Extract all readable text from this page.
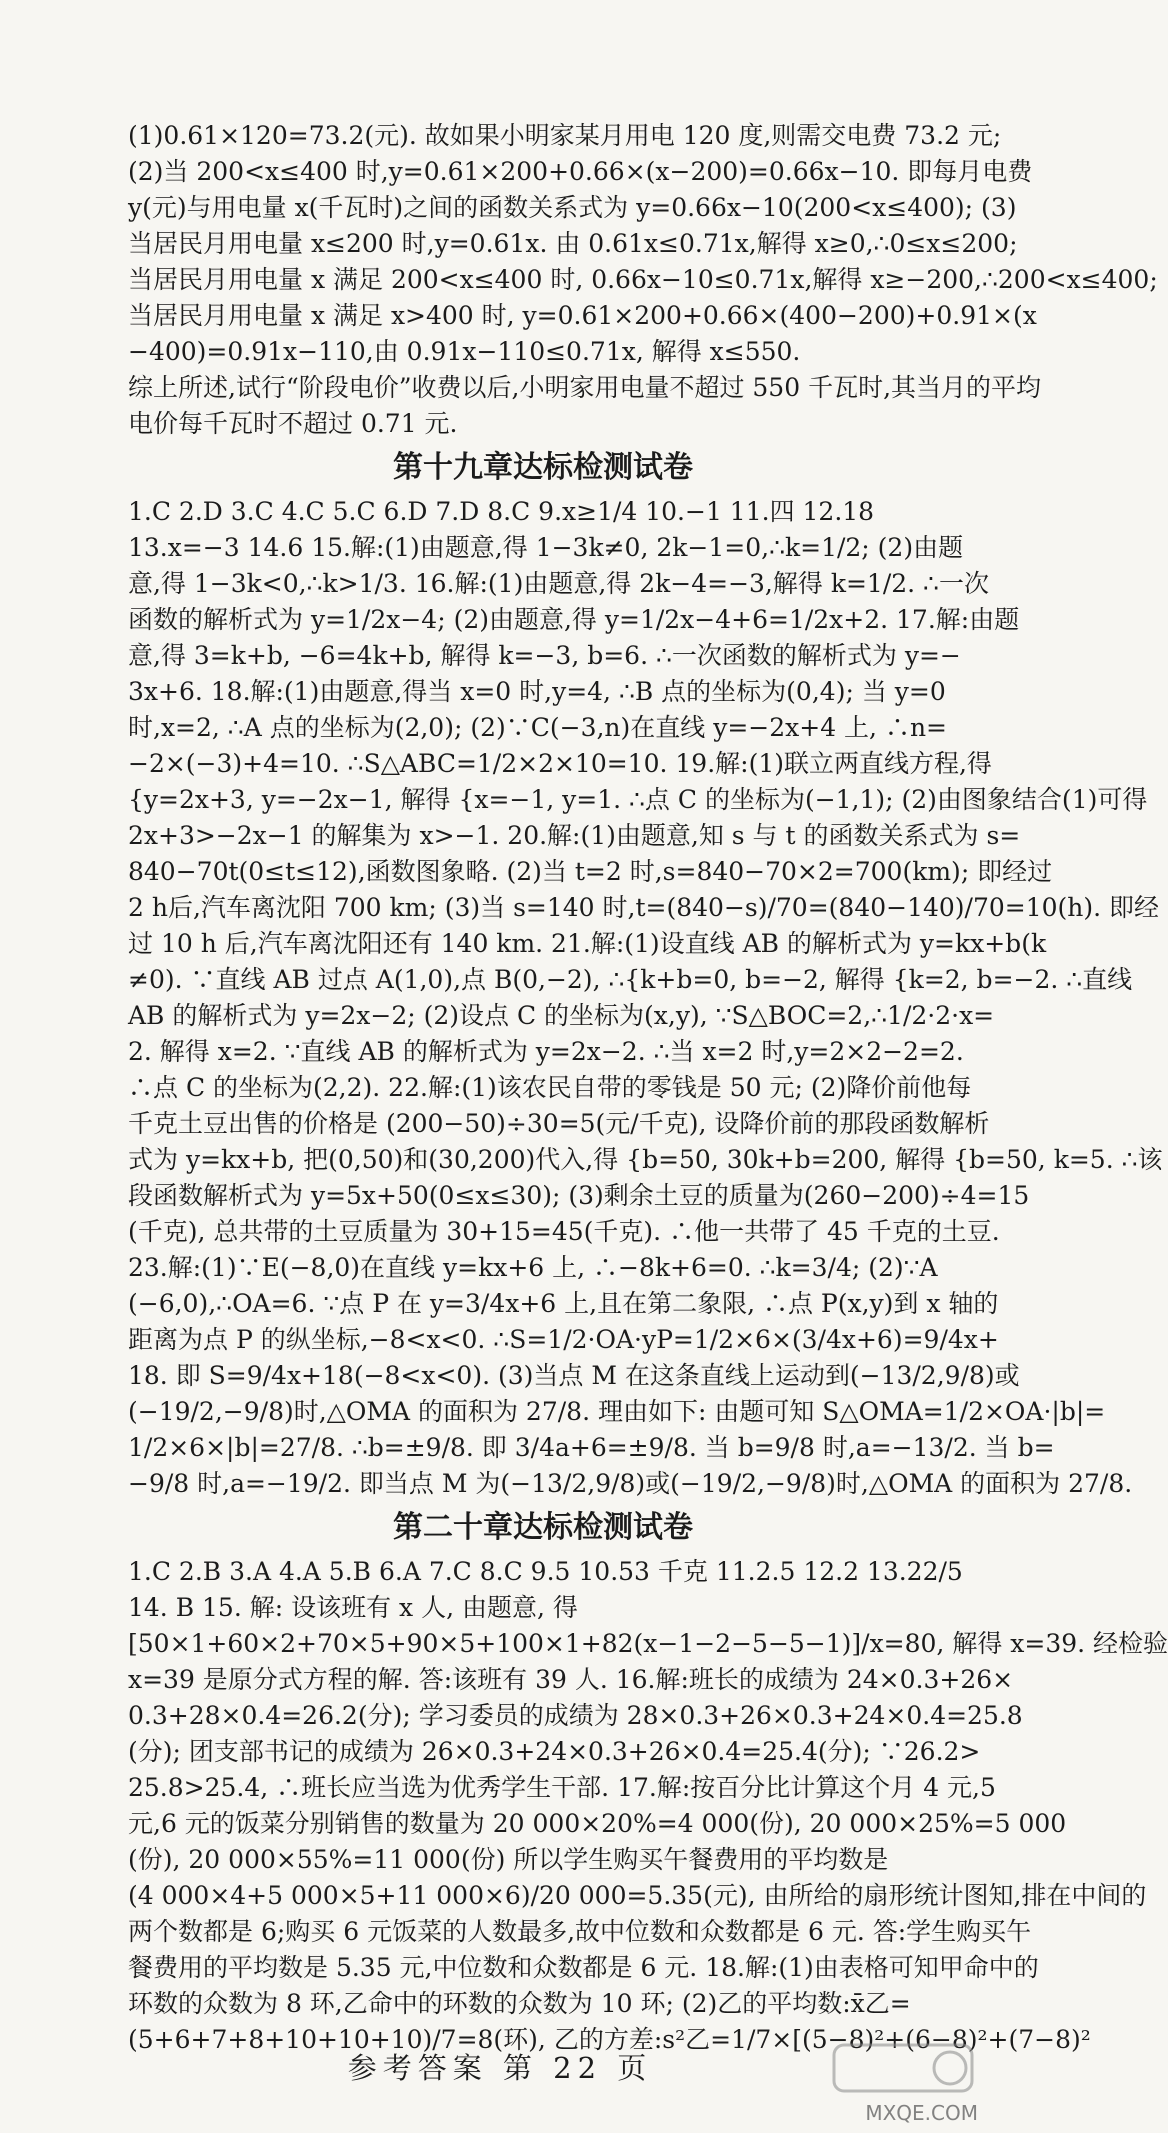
(1)0.61×120=73.2(元). 故如果小明家某月用电 120 度,则需交电费 73.2 元;
(2)当 200<x≤400 时,y=0.61×200+0.66×(x−200)=0.66x−10. 即每月电费
y(元)与用电量 x(千瓦时)之间的函数关系式为 y=0.66x−10(200<x≤400); (3)
当居民月用电量 x≤200 时,y=0.61x. 由 0.61x≤0.71x,解得 x≥0,∴0≤x≤200;
当居民月用电量 x 满足 200<x≤400 时, 0.66x−10≤0.71x,解得 x≥−200,∴200<x≤400;
当居民月用电量 x 满足 x>400 时, y=0.61×200+0.66×(400−200)+0.91×(x
−400)=0.91x−110,由 0.91x−110≤0.71x, 解得 x≤550.
综上所述,试行“阶段电价”收费以后,小明家用电量不超过 550 千瓦时,其当月的平均
电价每千瓦时不超过 0.71 元.
第十九章达标检测试卷
1.C 2.D 3.C 4.C 5.C 6.D 7.D 8.C 9.x≥1/4 10.−1 11.四 12.18
13.x=−3 14.6 15.解:(1)由题意,得 1−3k≠0, 2k−1=0,∴k=1/2; (2)由题
意,得 1−3k<0,∴k>1/3. 16.解:(1)由题意,得 2k−4=−3,解得 k=1/2. ∴一次
函数的解析式为 y=1/2x−4; (2)由题意,得 y=1/2x−4+6=1/2x+2. 17.解:由题
意,得 3=k+b, −6=4k+b, 解得 k=−3, b=6. ∴一次函数的解析式为 y=−
3x+6. 18.解:(1)由题意,得当 x=0 时,y=4, ∴B 点的坐标为(0,4); 当 y=0
时,x=2, ∴A 点的坐标为(2,0); (2)∵C(−3,n)在直线 y=−2x+4 上, ∴n=
−2×(−3)+4=10. ∴S△ABC=1/2×2×10=10. 19.解:(1)联立两直线方程,得
{y=2x+3, y=−2x−1, 解得 {x=−1, y=1. ∴点 C 的坐标为(−1,1); (2)由图象结合(1)可得
2x+3>−2x−1 的解集为 x>−1. 20.解:(1)由题意,知 s 与 t 的函数关系式为 s=
840−70t(0≤t≤12),函数图象略. (2)当 t=2 时,s=840−70×2=700(km); 即经过
2 h后,汽车离沈阳 700 km; (3)当 s=140 时,t=(840−s)/70=(840−140)/70=10(h). 即经
过 10 h 后,汽车离沈阳还有 140 km. 21.解:(1)设直线 AB 的解析式为 y=kx+b(k
≠0). ∵直线 AB 过点 A(1,0),点 B(0,−2), ∴{k+b=0, b=−2, 解得 {k=2, b=−2. ∴直线
AB 的解析式为 y=2x−2; (2)设点 C 的坐标为(x,y), ∵S△BOC=2,∴1/2·2·x=
2. 解得 x=2. ∵直线 AB 的解析式为 y=2x−2. ∴当 x=2 时,y=2×2−2=2.
∴点 C 的坐标为(2,2). 22.解:(1)该农民自带的零钱是 50 元; (2)降价前他每
千克土豆出售的价格是 (200−50)÷30=5(元/千克), 设降价前的那段函数解析
式为 y=kx+b, 把(0,50)和(30,200)代入,得 {b=50, 30k+b=200, 解得 {b=50, k=5. ∴该
段函数解析式为 y=5x+50(0≤x≤30); (3)剩余土豆的质量为(260−200)÷4=15
(千克), 总共带的土豆质量为 30+15=45(千克). ∴他一共带了 45 千克的土豆.
23.解:(1)∵E(−8,0)在直线 y=kx+6 上, ∴−8k+6=0. ∴k=3/4; (2)∵A
(−6,0),∴OA=6. ∵点 P 在 y=3/4x+6 上,且在第二象限, ∴点 P(x,y)到 x 轴的
距离为点 P 的纵坐标,−8<x<0. ∴S=1/2·OA·yP=1/2×6×(3/4x+6)=9/4x+
18. 即 S=9/4x+18(−8<x<0). (3)当点 M 在这条直线上运动到(−13/2,9/8)或
(−19/2,−9/8)时,△OMA 的面积为 27/8. 理由如下: 由题可知 S△OMA=1/2×OA·|b|=
1/2×6×|b|=27/8. ∴b=±9/8. 即 3/4a+6=±9/8. 当 b=9/8 时,a=−13/2. 当 b=
−9/8 时,a=−19/2. 即当点 M 为(−13/2,9/8)或(−19/2,−9/8)时,△OMA 的面积为 27/8.
第二十章达标检测试卷
1.C 2.B 3.A 4.A 5.B 6.A 7.C 8.C 9.5 10.53 千克 11.2.5 12.2 13.22/5
14. B 15. 解: 设该班有 x 人, 由题意, 得
[50×1+60×2+70×5+90×5+100×1+82(x−1−2−5−5−1)]/x=80, 解得 x=39. 经检验
x=39 是原分式方程的解. 答:该班有 39 人. 16.解:班长的成绩为 24×0.3+26×
0.3+28×0.4=26.2(分); 学习委员的成绩为 28×0.3+26×0.3+24×0.4=25.8
(分); 团支部书记的成绩为 26×0.3+24×0.3+26×0.4=25.4(分); ∵26.2>
25.8>25.4, ∴班长应当选为优秀学生干部. 17.解:按百分比计算这个月 4 元,5
元,6 元的饭菜分别销售的数量为 20 000×20%=4 000(份), 20 000×25%=5 000
(份), 20 000×55%=11 000(份) 所以学生购买午餐费用的平均数是
(4 000×4+5 000×5+11 000×6)/20 000=5.35(元), 由所给的扇形统计图知,排在中间的
两个数都是 6;购买 6 元饭菜的人数最多,故中位数和众数都是 6 元. 答:学生购买午
餐费用的平均数是 5.35 元,中位数和众数都是 6 元. 18.解:(1)由表格可知甲命中的
环数的众数为 8 环,乙命中的环数的众数为 10 环; (2)乙的平均数:x̄乙=
(5+6+7+8+10+10+10)/7=8(环), 乙的方差:s²乙=1/7×[(5−8)²+(6−8)²+(7−8)²
参考答案 第 22 页
MXQE.COM
